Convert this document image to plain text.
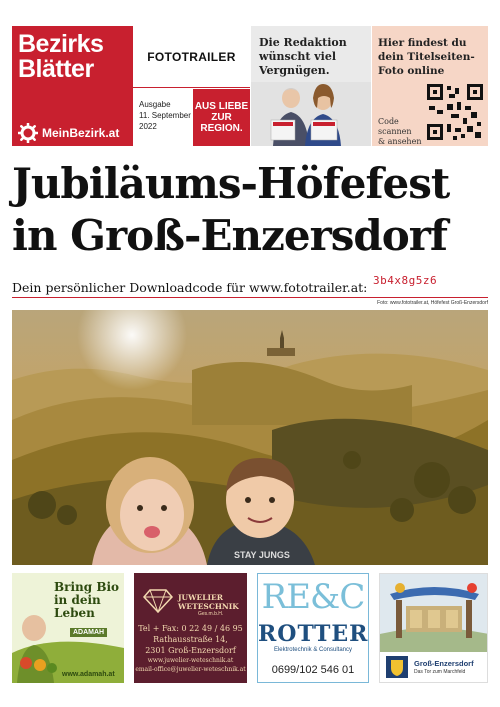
Bezirks
Blätter
MeinBezirk.at
FOTOTRAILER
Ausgabe
11. September 2022
AUS LIEBE
ZUR
REGION.
Die Redaktion
wünscht viel
Vergnügen.
Hier findest du
dein Titelseiten-
Foto online
Code
scannen
& ansehen
Jubiläums-Höfefest
in Groß-Enzersdorf
Dein persönlicher Downloadcode für www.fototrailer.at: 3b4x8g5z6
Foto: www.fototrailer.at, Höfefest Groß-Enzersdorf
STAY JUNGS
Bring Bio
in dein
Leben
ADAMAH
www.adamah.at
JUWELIER
WETESCHNIK
Ges.m.b.H.
Tel + Fax: 0 22 49 / 46 95
Rathausstraße 14,
2301 Groß-Enzersdorf
www.juwelier-weteschnik.at
email-office@juwelier-weteschnik.at
RE&C
ROTTER
Elektrotechnik & Consultancy
0699/102 546 01
Groß-Enzersdorf
Das Tor zum Marchfeld
